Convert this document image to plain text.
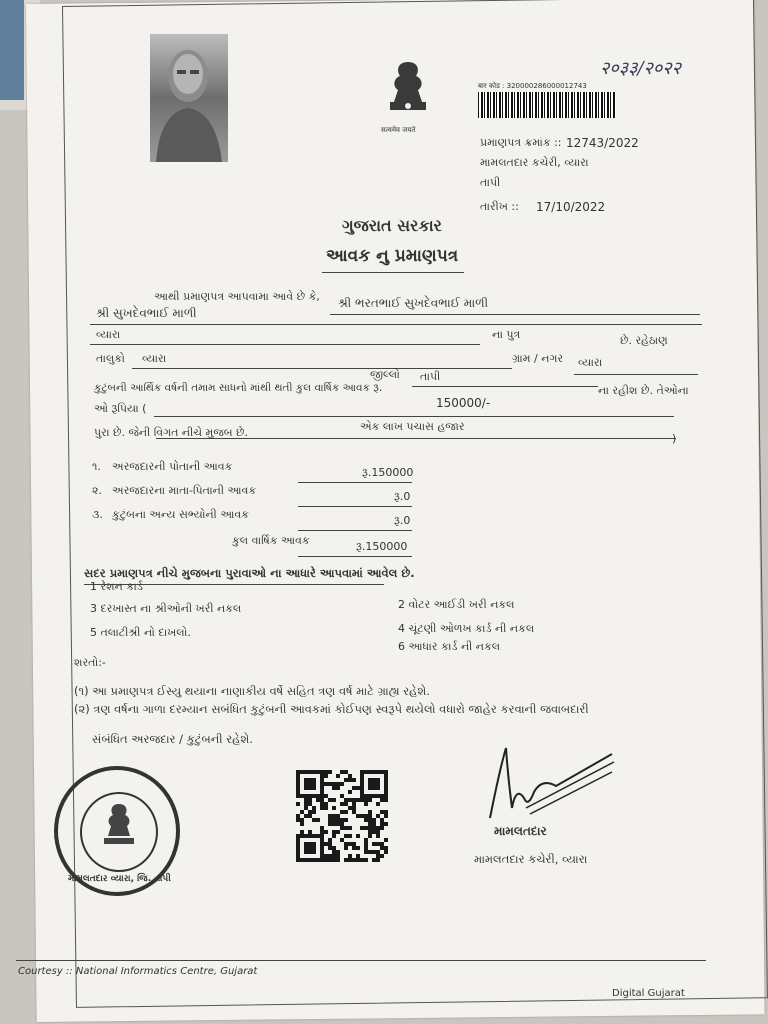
सत्यमेव जयते
२०३३/२०२२
बार कोड : 320000286000012743
પ્રમાણપત્ર ક્રમાંક :: 12743/2022
મામલતદાર કચેરી, વ્યારા
તાપી
તારીખ :: 17/10/2022
ગુજરાત સરકાર
આવક નુ પ્રમાણપત્ર
આથી પ્રમાણપત્ર આપવામા આવે છે કે, શ્રી ભરતભાઈ સુખદેવભાઈ માળી
શ્રી સુખદેવભાઈ માળી
વ્યારા	ના પુત્ર	છે. રહેઠાણ
તાલુકો વ્યારા	ગ્રામ / નગર વ્યારા
જીલ્લો તાપી
કુટુંબની આર્થિક વર્ષની તમામ સાધનો માંથી થતી કુલ વાર્ષિક આવક રૂ.
150000/-
ના રહીશ છે. તેઓના
ઓ રૂપિયા (
એક લાખ પચાસ હજાર
)
પુરા છે. જેની વિગત નીચે મુજબ છે.
૧. અરજદારની પોતાની આવક	રૂ.150000
૨. અરજદારના માતા-પિતાની આવક	રૂ.0
૩. કુટુંબના અન્ય સભ્યોની આવક	રૂ.0
કુલ વાર્ષિક આવક	રૂ.150000
સદર પ્રમાણપત્ર નીચે મુજબના પુરાવાઓ ના આધારે આપવામાં આવેલ છે.
1 રેશન કાર્ડ
3 દરખાસ્ત ના શ્રીઓની ખરી નકલ
5 તલાટીશ્રી નો દાખલો.
2 વોટર આઈડી ખરી નકલ
4 ચૂંટણી ઓળખ કાર્ડ ની નકલ
6 આધાર કાર્ડ ની નકલ
શરતો:-
(૧) આ પ્રમાણપત્ર ઈસ્યુ થયાના નાણાકીય વર્ષે સહિત ત્રણ વર્ષ માટે ગ્રાહ્ય રહેશે.
(૨) ત્રણ વર્ષના ગાળા દરમ્યાન સબંધિત કુટુંબની આવકમાં કોઈપણ સ્વરૂપે થયેલો વધારો જાહેર કરવાની જવાબદારી
સંબંધિત અરજદાર / કુટુંબની રહેશે.
મામલતદાર વ્યારા, જિ. તાપી
મામલતદાર
મામલતદાર કચેરી, વ્યારા
Courtesy :: National Informatics Centre, Gujarat
Digital Gujarat
